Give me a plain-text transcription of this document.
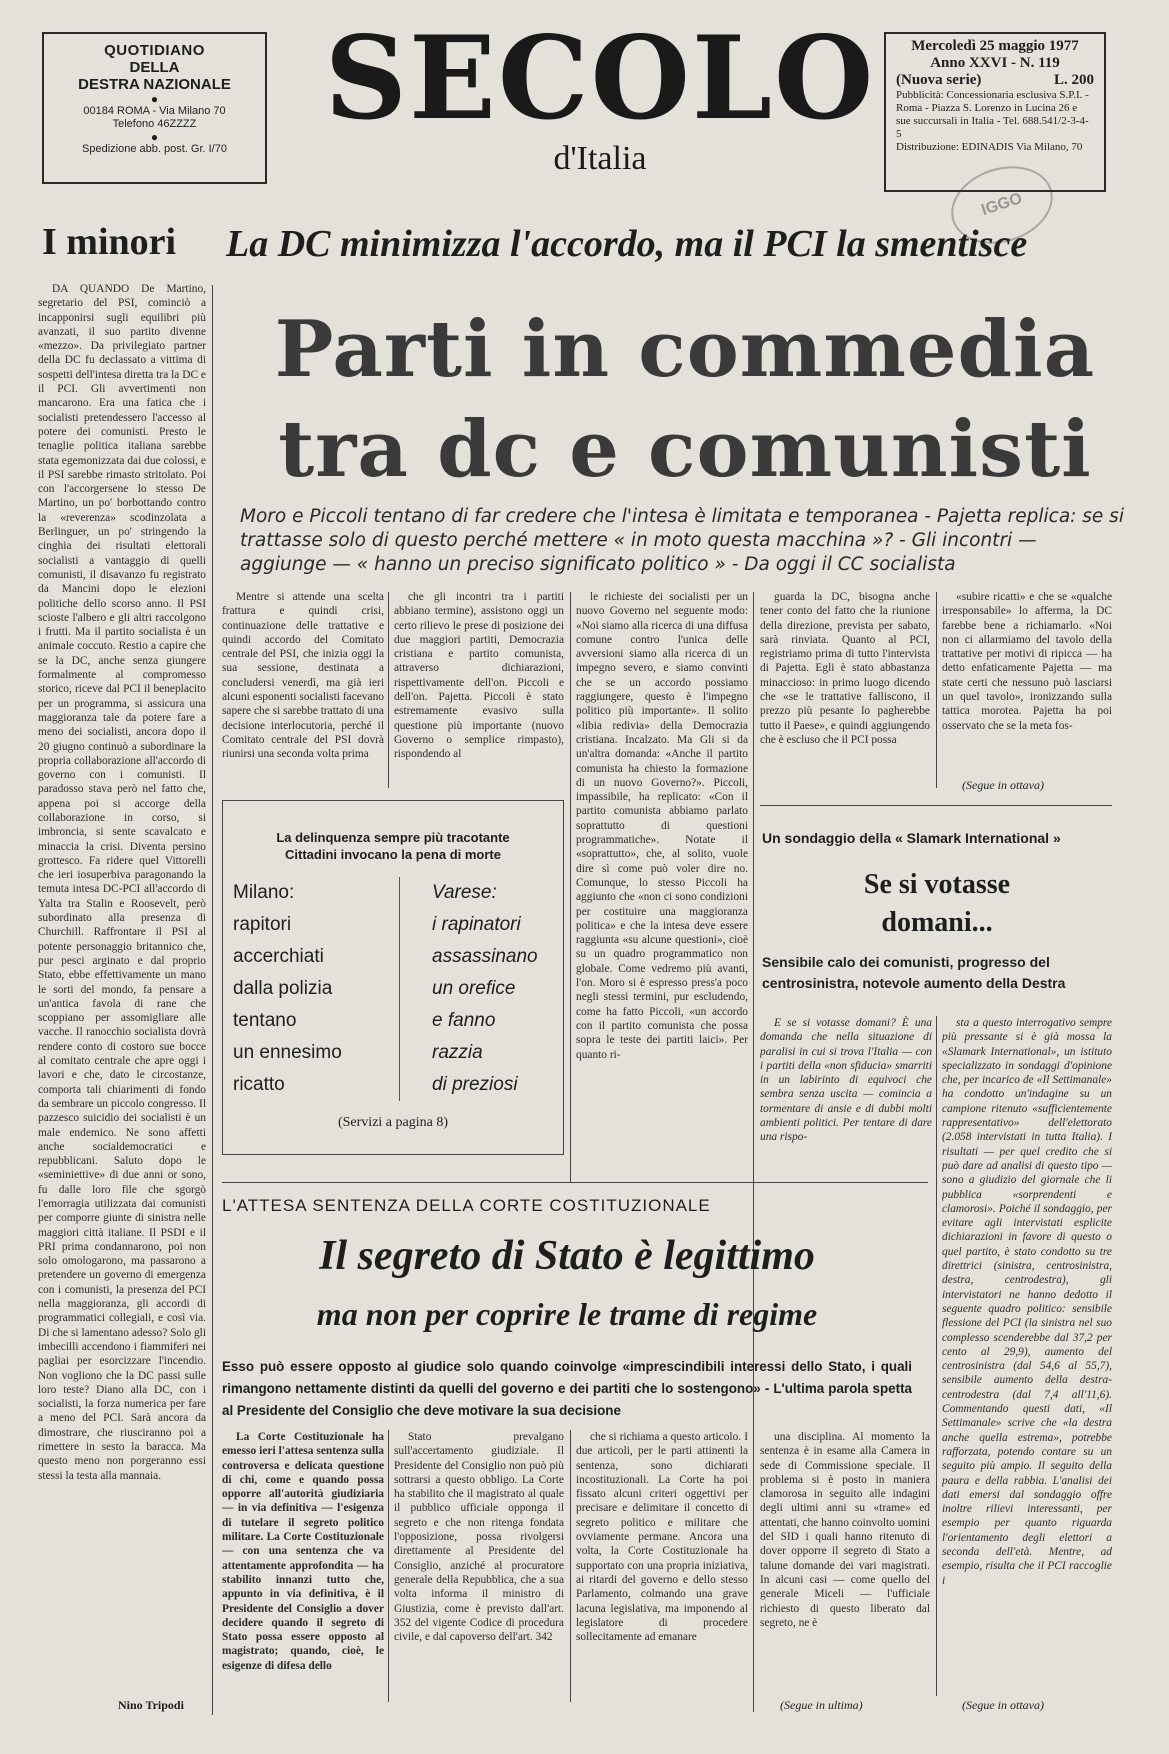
QUOTIDIANO
DELLA
DESTRA NAZIONALE
●
00184 ROMA - Via Milano 70
Telefono 46ZZZZ
●
Spedizione abb. post. Gr. I/70
SECOLO
d'Italia
Mercoledì 25 maggio 1977
Anno XXVI - N. 119
(Nuova serie)	L. 200
Pubblicità: Concessionaria esclusiva S.P.I. - Roma - Piazza S. Lorenzo in Lucina 26 e sue succursali in Italia - Tel. 688.541/2-3-4-5
Distribuzione: EDINADIS Via Milano, 70
IGGO
I minori La DC minimizza l'accordo, ma il PCI la smentisce
Parti in commedia
tra dc e comunisti
Moro e Piccoli tentano di far credere che l'intesa è limitata e temporanea - Pajetta replica: se si trattasse solo di questo perché mettere « in moto questa macchina »? - Gli incontri — aggiunge — « hanno un preciso significato politico » - Da oggi il CC socialista

DA QUANDO De Martino, segretario del PSI, cominciò a incapponirsi sugli equilibri più avanzati, il suo partito divenne «mezzo». Da privilegiato partner della DC fu declassato a vittima di sospetti dell'intesa diretta tra la DC e il PCI. Gli avvertimenti non mancarono. Era una fatica che i socialisti pretendessero l'accesso al potere dei comunisti. Presto le tenaglie politica italiana sarebbe stata egemonizzata dai due colossi, e il PSI sarebbe rimasto stritolato. Poi con l'accorgersene lo stesso De Martino, un po' borbottando contro la «reverenza» scodinzolata a Berlinguer, un po' stringendo la cinghia dei risultati elettorali socialisti a vantaggio di quelli comunisti, il disavanzo fu registrato da Mancini dopo le elezioni politiche dello scorso anno. Il PSI scioste l'albero e gli altri raccolgono i frutti. Ma il partito socialista è un animale coccuto. Restio a capire che se la DC, anche senza giungere formalmente al compromesso storico, riceve dal PCI il beneplacito per un programma, si assicura una maggioranza tale da potere fare a meno dei socialisti, ancora dopo il 20 giugno continuò a subordinare la propria collaborazione all'accordo di governo con i comunisti. Il paradosso stava però nel fatto che, appena poi si accorge della collaborazione in corso, si imbroncia, si sente scavalcato e minaccia la crisi. Diventa persino grottesco. Fa ridere quel Vittorelli che ieri iosuperbiva paragonando la temuta intesa DC-PCI all'accordo di Yalta tra Stalin e Roosevelt, però subordinato alla presenza di Churchill. Raffrontare il PSI al potente personaggio britannico che, pur pesci arginato e dal proprio Stato, ebbe effettivamente un mano le sorti del mondo, fa pensare a un'antica favola di rane che scoppiano per assomigliare alle vacche. Il ranocchio socialista dovrà rendere conto di costoro sue bocce al comitato centrale che apre oggi i lavori e che, dato le circostanze, comporta tali chiarimenti di fondo da sembrare un piccolo congresso. Il pazzesco suicidio dei socialisti è un male endemico. Ne sono affetti anche socialdemocratici e repubblicani. Saluto dopo le «seminiettive» di due anni or sono, fu dalle loro file che sgorgò l'emorragia utilizzata dai comunisti per comporre giunte di sinistra nelle maggiori città italiane. Il PSDI e il PRI prima condannarono, poi non solo omologarono, ma passarono a pretendere un governo di emergenza con i comunisti, la presenza del PCI nella maggioranza, gli accordi di programmatici collegiali, e così via. Di che si lamentano adesso? Solo gli imbecilli accendono i fiammiferi nei pagliai per esorcizzare l'incendio. Non vogliono che la DC passi sulle loro teste? Diano alla DC, con i socialisti, la forza numerica per fare a meno del PCI. Sarà ancora da dimostrare, che riusciranno poi a rimettere in sesto la baracca. Ma questo meno non porgeranno essi stessi la testa alla mannaia.

Nino Tripodi

Mentre si attende una scelta frattura e quindi crisi, continuazione delle trattative e quindi accordo del Comitato centrale del PSI, che inizia oggi la sua sessione, destinata a concludersi venerdì, ma già ieri alcuni esponenti socialisti facevano sapere che si sarebbe trattato di una decisione interlocutoria, perché il Comitato centrale del PSI dovrà riunirsi una seconda volta prima

che gli incontri tra i partiti abbiano termine), assistono oggi un certo rilievo le prese di posizione dei due maggiori partiti, Democrazia cristiana e partito comunista, attraverso dichiarazioni, rispettivamente dell'on. Piccoli e dell'on. Pajetta. Piccoli è stato estremamente evasivo sulla questione più importante (nuovo Governo o semplice rimpasto), rispondendo al

le richieste dei socialisti per un nuovo Governo nel seguente modo: «Noi siamo alla ricerca di una diffusa comune contro l'unica delle avversioni siamo alla ricerca di un impegno severo, e siamo convinti che se un accordo possiamo raggiungere, questo è l'impegno politico più importante». Il solito «libia redivia» della Democrazia cristiana. Incalzato. Ma Gli si da un'altra domanda: «Anche il partito comunista ha chiesto la formazione di un nuovo Governo?». Piccoli, impassibile, ha replicato: «Con il partito comunista abbiamo parlato soprattutto di questioni programmatiche». Notate il «soprattutto», che, al solito, vuole dire sì come può voler dire no. Comunque, lo stesso Piccoli ha aggiunto che «non ci sono condizioni per costituire una maggioranza politica» e che la intesa deve essere raggiunta «su alcune questioni», cioè su un quadro programmatico non globale. Come vedremo più avanti, l'on. Moro si è espresso press'a poco negli stessi termini, pur escludendo, come ha fatto Piccoli, «un accordo con il partito comunista che possa sopra le teste dei partiti laici». Per quanto ri-

guarda la DC, bisogna anche tener conto del fatto che la riunione della direzione, prevista per sabato, sarà rinviata. Quanto al PCI, registriamo prima di tutto l'intervista di Pajetta. Egli è stato abbastanza minaccioso: in primo luogo dicendo che «se le trattative falliscono, il prezzo più pesante lo pagherebbe tutto il Paese», e quindi aggiungendo che è escluso che il PCI possa

«subire ricatti» e che se «qualche irresponsabile» lo afferma, la DC farebbe bene a richiamarlo. «Noi non ci allarmiamo del tavolo della trattative per motivi di ripicca — ha detto enfaticamente Pajetta — ma state certi che nessuno può lasciarsi un quel tavolo», ironizzando sulla tattica morotea. Pajetta ha poi osservato che se la meta fos-

(Segue in ottava)
La delinquenza sempre più tracotante
Cittadini invocano la pena di morte
Milano:
rapitori
accerchiati
dalla polizia
tentano
un ennesimo
ricatto
Varese:
i rapinatori
assassinano
un orefice
e fanno
razzia
di preziosi
(Servizi a pagina 8)
Un sondaggio della « Slamark International »
Se si votasse
domani...
Sensibile calo dei comunisti, progresso del centrosinistra, notevole aumento della Destra

E se si votasse domani? È una domanda che nella situazione di paralisi in cui si trova l'Italia — con i partiti della «non sfiducia» smarriti in un labirinto di equivoci che sembra senza uscita — comincia a tormentare di ansie e di dubbi molti ambienti politici. Per tentare di dare una rispo-

sta a questo interrogativo sempre più pressante si è già mossa la «Slamark International», un istituto specializzato in sondaggi d'opinione che, per incarico de «Il Settimanale» ha condotto un'indagine su un campione ritenuto «sufficientemente rappresentativo» dell'elettorato (2.058 intervistati in tutta Italia). I risultati — per quel credito che si può dare ad analisi di questo tipo — sono a giudizio del giornale che li pubblica «sorprendenti e clamorosi». Poiché il sondaggio, per evitare agli intervistati esplicite dichiarazioni in favore di questo o quel partito, è stato condotto su tre direttrici (sinistra, centrosinistra, destra, centrodestra), gli intervistatori ne hanno dedotto il seguente quadro politico: sensibile flessione del PCI (la sinistra nel suo complesso scenderebbe dal 37,2 per cento al 29,9), aumento del centrosinistra (dal 54,6 al 55,7), sensibile aumento della destra-centrodestra (dal 7,4 all'11,6). Commentando questi dati, «Il Settimanale» scrive che «la destra anche quella estrema», potrebbe rafforzata, potendo contare su un seguito più ampio. Il seguito della paura e della rabbia. L'analisi dei dati emersi dal sondaggio offre inoltre rilievi interessanti, per esempio per quanto riguarda l'orientamento degli elettori a seconda dell'età. Mentre, ad esempio, risulta che il PCI raccoglie i

(Segue in ottava)
L'ATTESA SENTENZA DELLA CORTE COSTITUZIONALE
Il segreto di Stato è legittimo
ma non per coprire le trame di regime
Esso può essere opposto al giudice solo quando coinvolge «imprescindibili interessi dello Stato, i quali rimangono nettamente distinti da quelli del governo e dei partiti che lo sostengono» - L'ultima parola spetta al Presidente del Consiglio che deve motivare la sua decisione

La Corte Costituzionale ha emesso ieri l'attesa sentenza sulla controversa e delicata questione di chi, come e quando possa opporre all'autorità giudiziaria — in via definitiva — l'esigenza di tutelare il segreto politico militare. La Corte Costituzionale — con una sentenza che va attentamente approfondita — ha stabilito innanzi tutto che, appunto in via definitiva, è il Presidente del Consiglio a dover decidere quando il segreto di Stato possa essere opposto al magistrato; quando, cioè, le esigenze di difesa dello

Stato prevalgano sull'accertamento giudiziale. Il Presidente del Consiglio non può più sottrarsi a questo obbligo. La Corte ha stabilito che il magistrato al quale il pubblico ufficiale opponga il segreto e che non ritenga fondata l'opposizione, possa rivolgersi direttamente al Presidente del Consiglio, anziché al procuratore generale della Repubblica, che a sua volta informa il ministro di Giustizia, come è previsto dall'art. 352 del vigente Codice di procedura civile, e dal capoverso dell'art. 342

che si richiama a questo articolo. I due articoli, per le parti attinenti la sentenza, sono dichiarati incostituzionali. La Corte ha poi fissato alcuni criteri oggettivi per precisare e delimitare il concetto di segreto politico e militare che ovviamente permane. Ancora una volta, la Corte Costituzionale ha supportato con una propria iniziativa, ai ritardi del governo e dello stesso Parlamento, colmando una grave lacuna legislativa, ma imponendo al legislatore di procedere sollecitamente ad emanare

una disciplina. Al momento la sentenza è in esame alla Camera in sede di Commissione speciale. Il problema si è posto in maniera clamorosa in seguito alle indagini degli ultimi anni su «trame» ed attentati, che hanno coinvolto uomini del SID i quali hanno ritenuto di dover opporre il segreto di Stato a talune domande dei vari magistrati. In alcuni casi — come quello del generale Miceli — l'ufficiale richiesto di questo liberato dal segreto, ne è

(Segue in ultima)
